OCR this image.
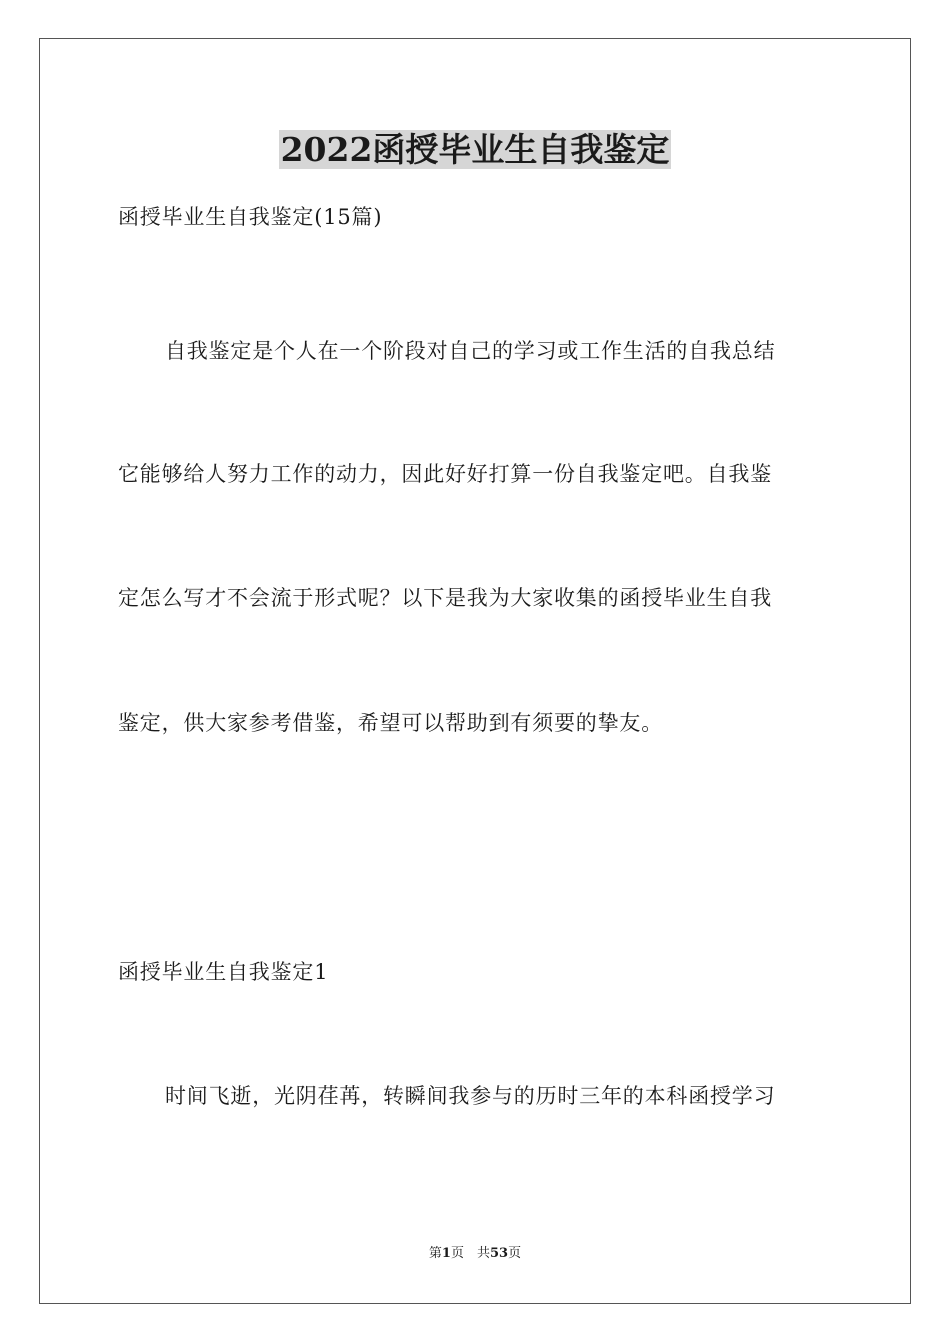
2022函授毕业生自我鉴定
函授毕业生自我鉴定(15篇)
自我鉴定是个人在一个阶段对自己的学习或工作生活的自我总结
它能够给人努力工作的动力，因此好好打算一份自我鉴定吧。自我鉴
定怎么写才不会流于形式呢？以下是我为大家收集的函授毕业生自我
鉴定，供大家参考借鉴，希望可以帮助到有须要的挚友。
函授毕业生自我鉴定1
时间飞逝，光阴荏苒，转瞬间我参与的历时三年的本科函授学习
第1页　共53页
